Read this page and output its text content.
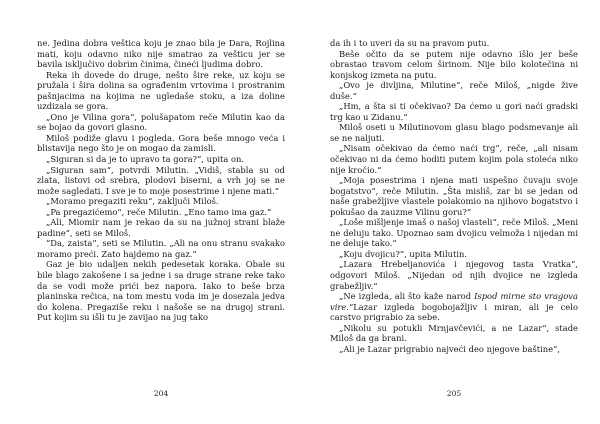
ne. Jedina dobra veštica koju je znao bila je Dara, Rojlina mati, koju odavno niko nije smatrao za vešticu jer se bavila isključivo dobrim činima, čineći ljudima dobro.

Reka ih dovede do druge, nešto šire reke, uz koju se pružala i šira dolina sa ograđenim vrtovima i prostranim pašnjacima na kojima ne ugledaše stoku, a iza doline uzdizala se gora.

„Ono je Vilina gora“, polušapatom reče Milutin kao da se bojao da govori glasno.

Miloš podiže glavu i pogleda. Gora beše mnogo veća i blistavija nego što je on mogao da zamisli.

„Siguran si da je to upravo ta gora?“, upita on.

„Siguran sam“, potvrdi Milutin. „Vidiš, stabla su od zlata, listovi od srebra, plodovi biserni, a vrh joj se ne može sagledati. I sve je to moje posestrime i njene mati.“

„Moramo pregaziti reku“, zaključi Miloš.

„Pa pregazićemo“, reče Milutin. „Eno tamo ima gaz.“

„Ali, Miomir nam je rekao da su na južnoj strani blaže padine“, seti se Miloš.

“Da, zaista”, seti se Milutin. „Ali na onu stranu svakako moramo preći. Zato hajdemo na gaz.“

Gaz je bio udaljen nekih pedesetak koraka. Obale su bile blago zakošene i sa jedne i sa druge strane reke tako da se vodi može prići bez napora. Iako to beše brza planinska rečica, na tom mestu voda im je dosezala jedva do kolena. Pregaziše reku i našoše se na drugoj strani. Put kojim su išli tu je zavijao na jug tako

204

da ih i to uveri da su na pravom putu.

Beše očito da se putem nije odavno išlo jer beše obrastao travom celom širinom. Nije bilo kolotečina ni konjskog izmeta na putu.

„Ovo je divljina, Milutine“, reče Miloš, „nigde žive duše.“

„Hm, a šta si ti očekivao? Da ćemo u gori naći gradski trg kao u Zidanu.“

Miloš oseti u Milutinovom glasu blago podsmevanje ali se ne naljuti.

„Nisam očekivao da ćemo naći trg“, reče, „ali nisam očekivao ni da ćemo hoditi putem kojim pola stoleća niko nije kročio.“

„Moja posestrima i njena mati uspešno čuvaju svoje bogatstvo“, reče Milutin. „Šta misliš, zar bi se jedan od naše grabežljive vlastele polakomio na njihovo bogatstvo i pokušao da zauzme Vilinu goru?“

„Loše mišljenje imaš o našoj vlasteli“, reče Miloš. „Meni ne deluju tako. Upoznao sam dvojicu velmoža i nijedan mi ne deluje tako.“

„Koju dvojicu?“, upita Milutin.

„Lazara Hrebeljanovića i njegovog tasta Vratka“, odgovori Miloš. „Nijedan od njih dvojice ne izgleda grabežljiv.“

„Ne izgleda, ali što kaže narod Ispod mirne sto vragova vire.“Lazar izgleda bogobojažljiv i miran, ali je celo carstvo prigrabio za sebe.

„Nikolu su potukli Mrnjavčevići, a ne Lazar“, stade Miloš da ga brani.

„Ali je Lazar prigrabio najveći deo njegove baštine“,

205
